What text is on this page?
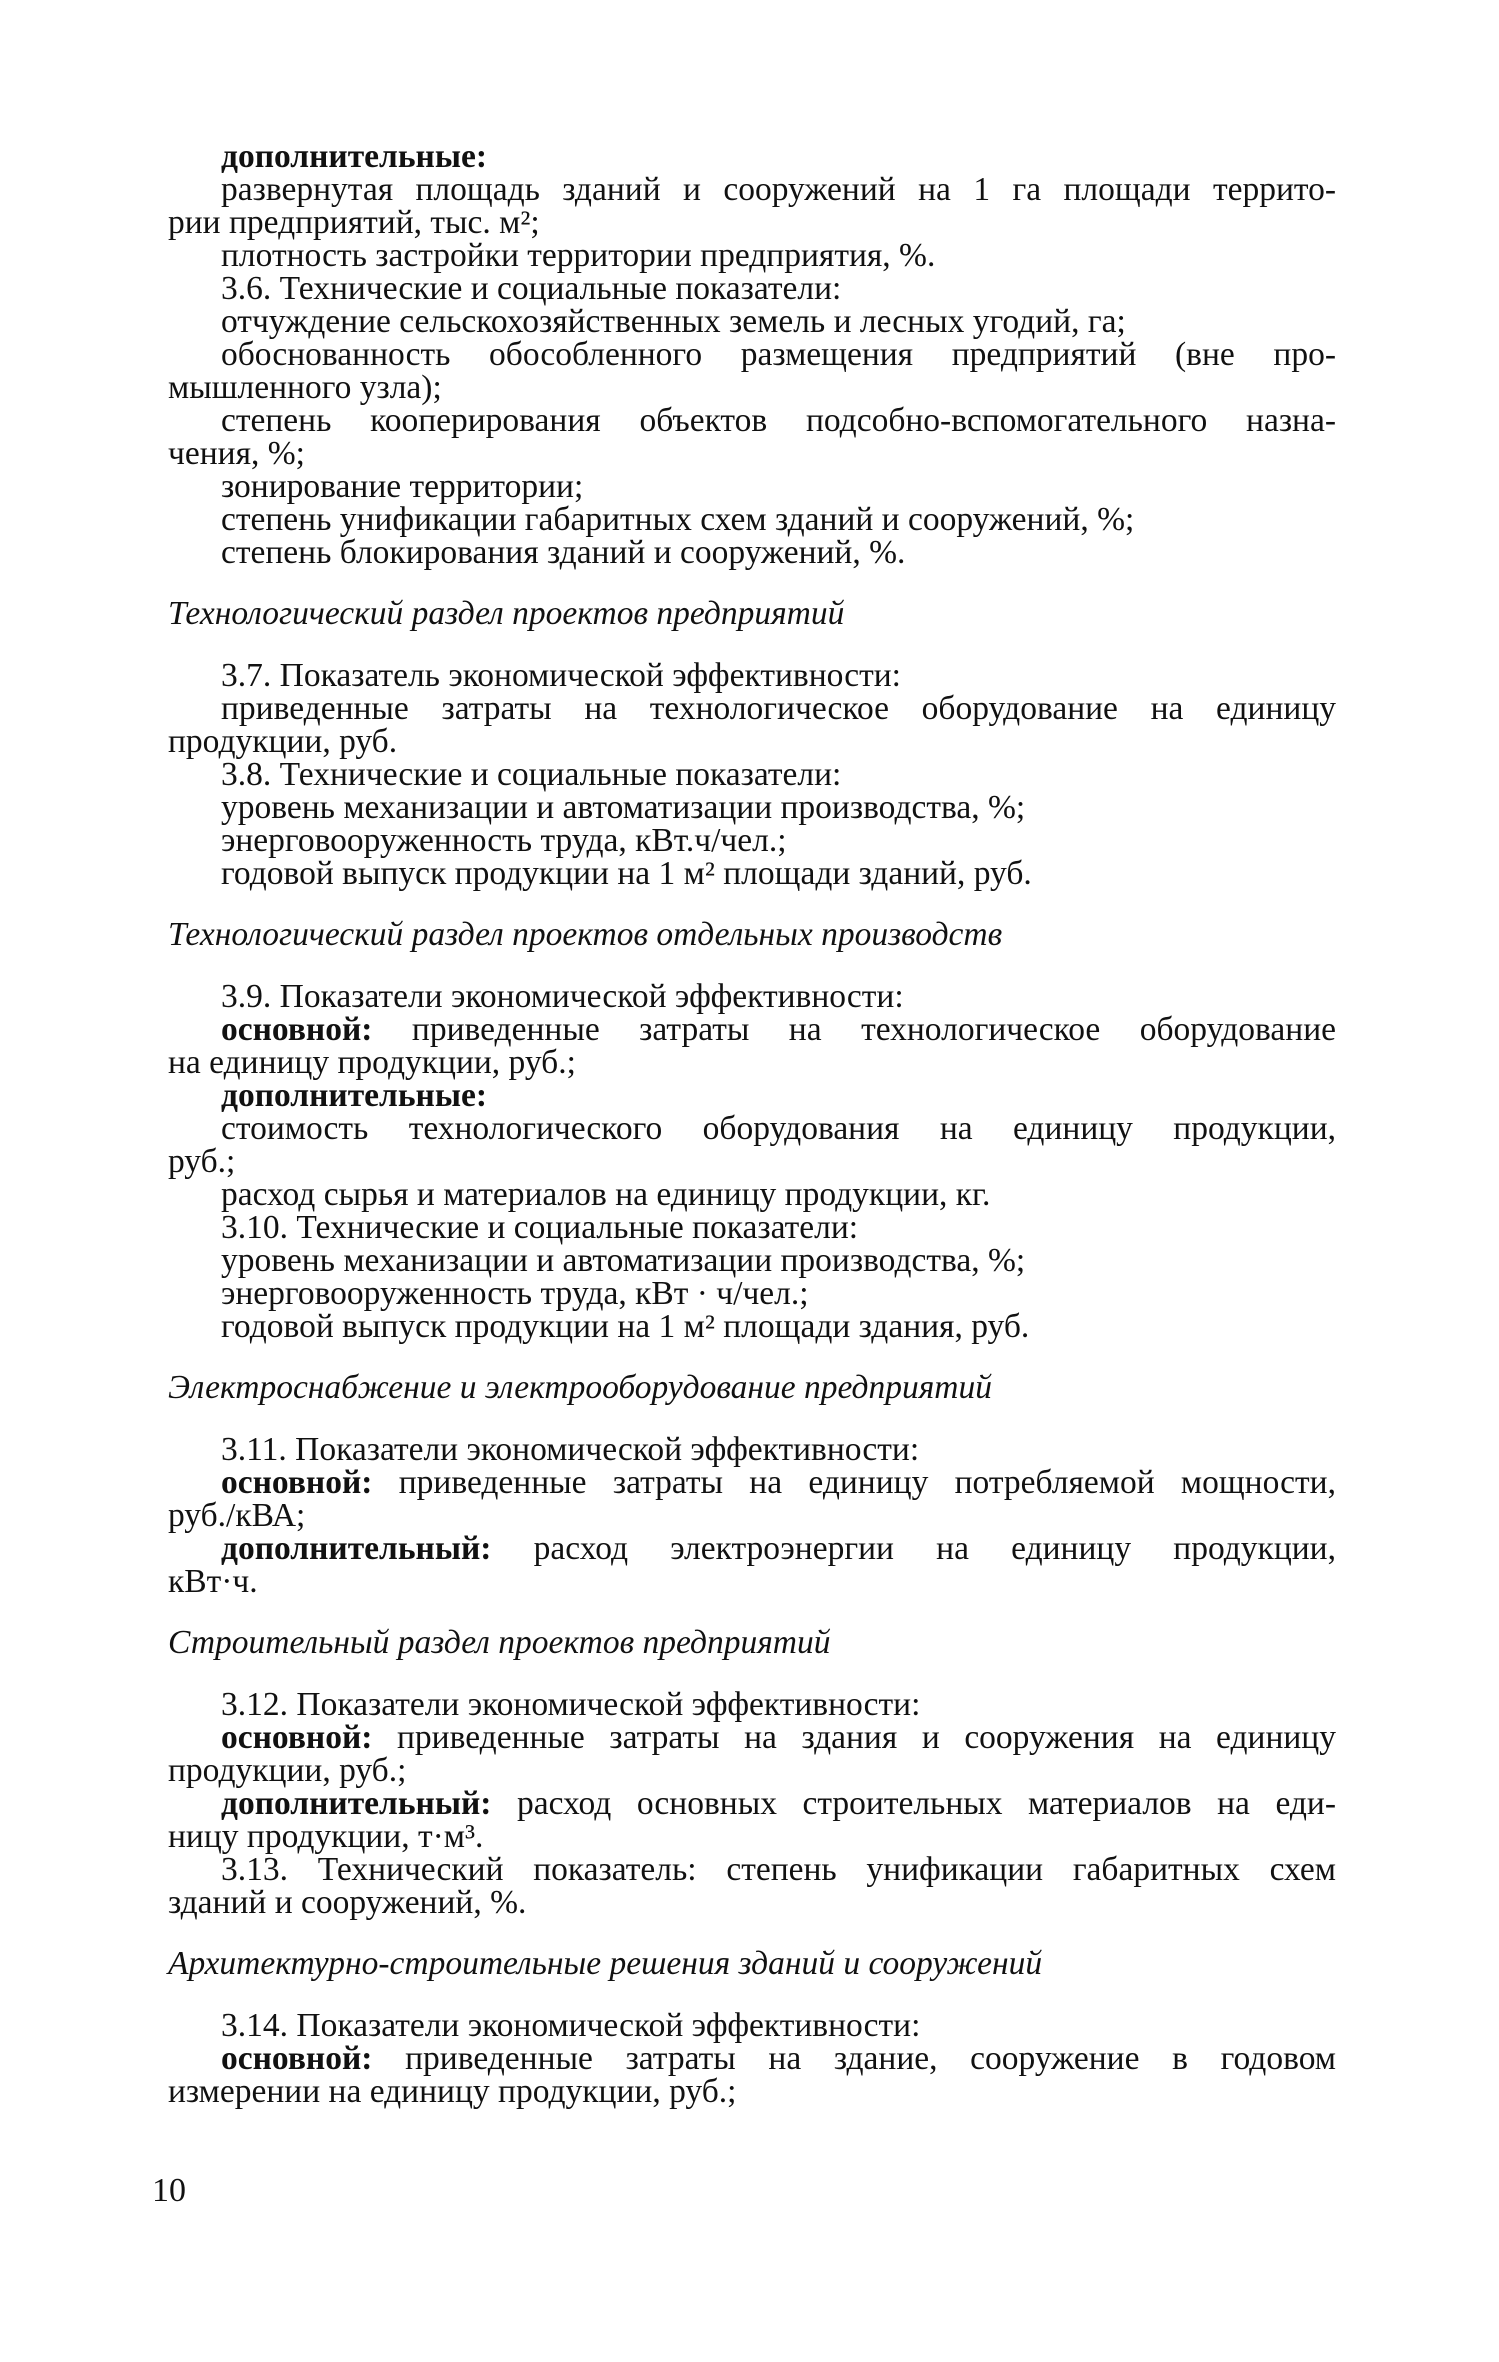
дополнительные:
развернутая площадь зданий и сооружений на 1 га площади террито-
рии предприятий, тыс. м²;
плотность застройки территории предприятия, %.
3.6. Технические и социальные показатели:
отчуждение сельскохозяйственных земель и лесных угодий, га;
обоснованность обособленного размещения предприятий (вне про-
мышленного узла);
степень кооперирования объектов подсобно-вспомогательного назна-
чения, %;
зонирование территории;
степень унификации габаритных схем зданий и сооружений, %;
степень блокирования зданий и сооружений, %.
Технологический раздел проектов предприятий
3.7. Показатель экономической эффективности:
приведенные затраты на технологическое оборудование на единицу
продукции, руб.
3.8. Технические и социальные показатели:
уровень механизации и автоматизации производства, %;
энерговооруженность труда, кВт.ч/чел.;
годовой выпуск продукции на 1 м² площади зданий, руб.
Технологический раздел проектов отдельных производств
3.9. Показатели экономической эффективности:
основной: приведенные затраты на технологическое оборудование
на единицу продукции, руб.;
дополнительные:
стоимость технологического оборудования на единицу продукции,
руб.;
расход сырья и материалов на единицу продукции, кг.
3.10. Технические и социальные показатели:
уровень механизации и автоматизации производства, %;
энерговооруженность труда, кВт · ч/чел.;
годовой выпуск продукции на 1 м² площади здания, руб.
Электроснабжение и электрооборудование предприятий
3.11. Показатели экономической эффективности:
основной: приведенные затраты на единицу потребляемой мощности,
руб./кВА;
дополнительный: расход электроэнергии на единицу продукции,
кВт·ч.
Строительный раздел проектов предприятий
3.12. Показатели экономической эффективности:
основной: приведенные затраты на здания и сооружения на единицу
продукции, руб.;
дополнительный: расход основных строительных материалов на еди-
ницу продукции, т·м³.
3.13. Технический показатель: степень унификации габаритных схем
зданий и сооружений, %.
Архитектурно-строительные решения зданий и сооружений
3.14. Показатели экономической эффективности:
основной: приведенные затраты на здание, сооружение в годовом
измерении на единицу продукции, руб.;
10
